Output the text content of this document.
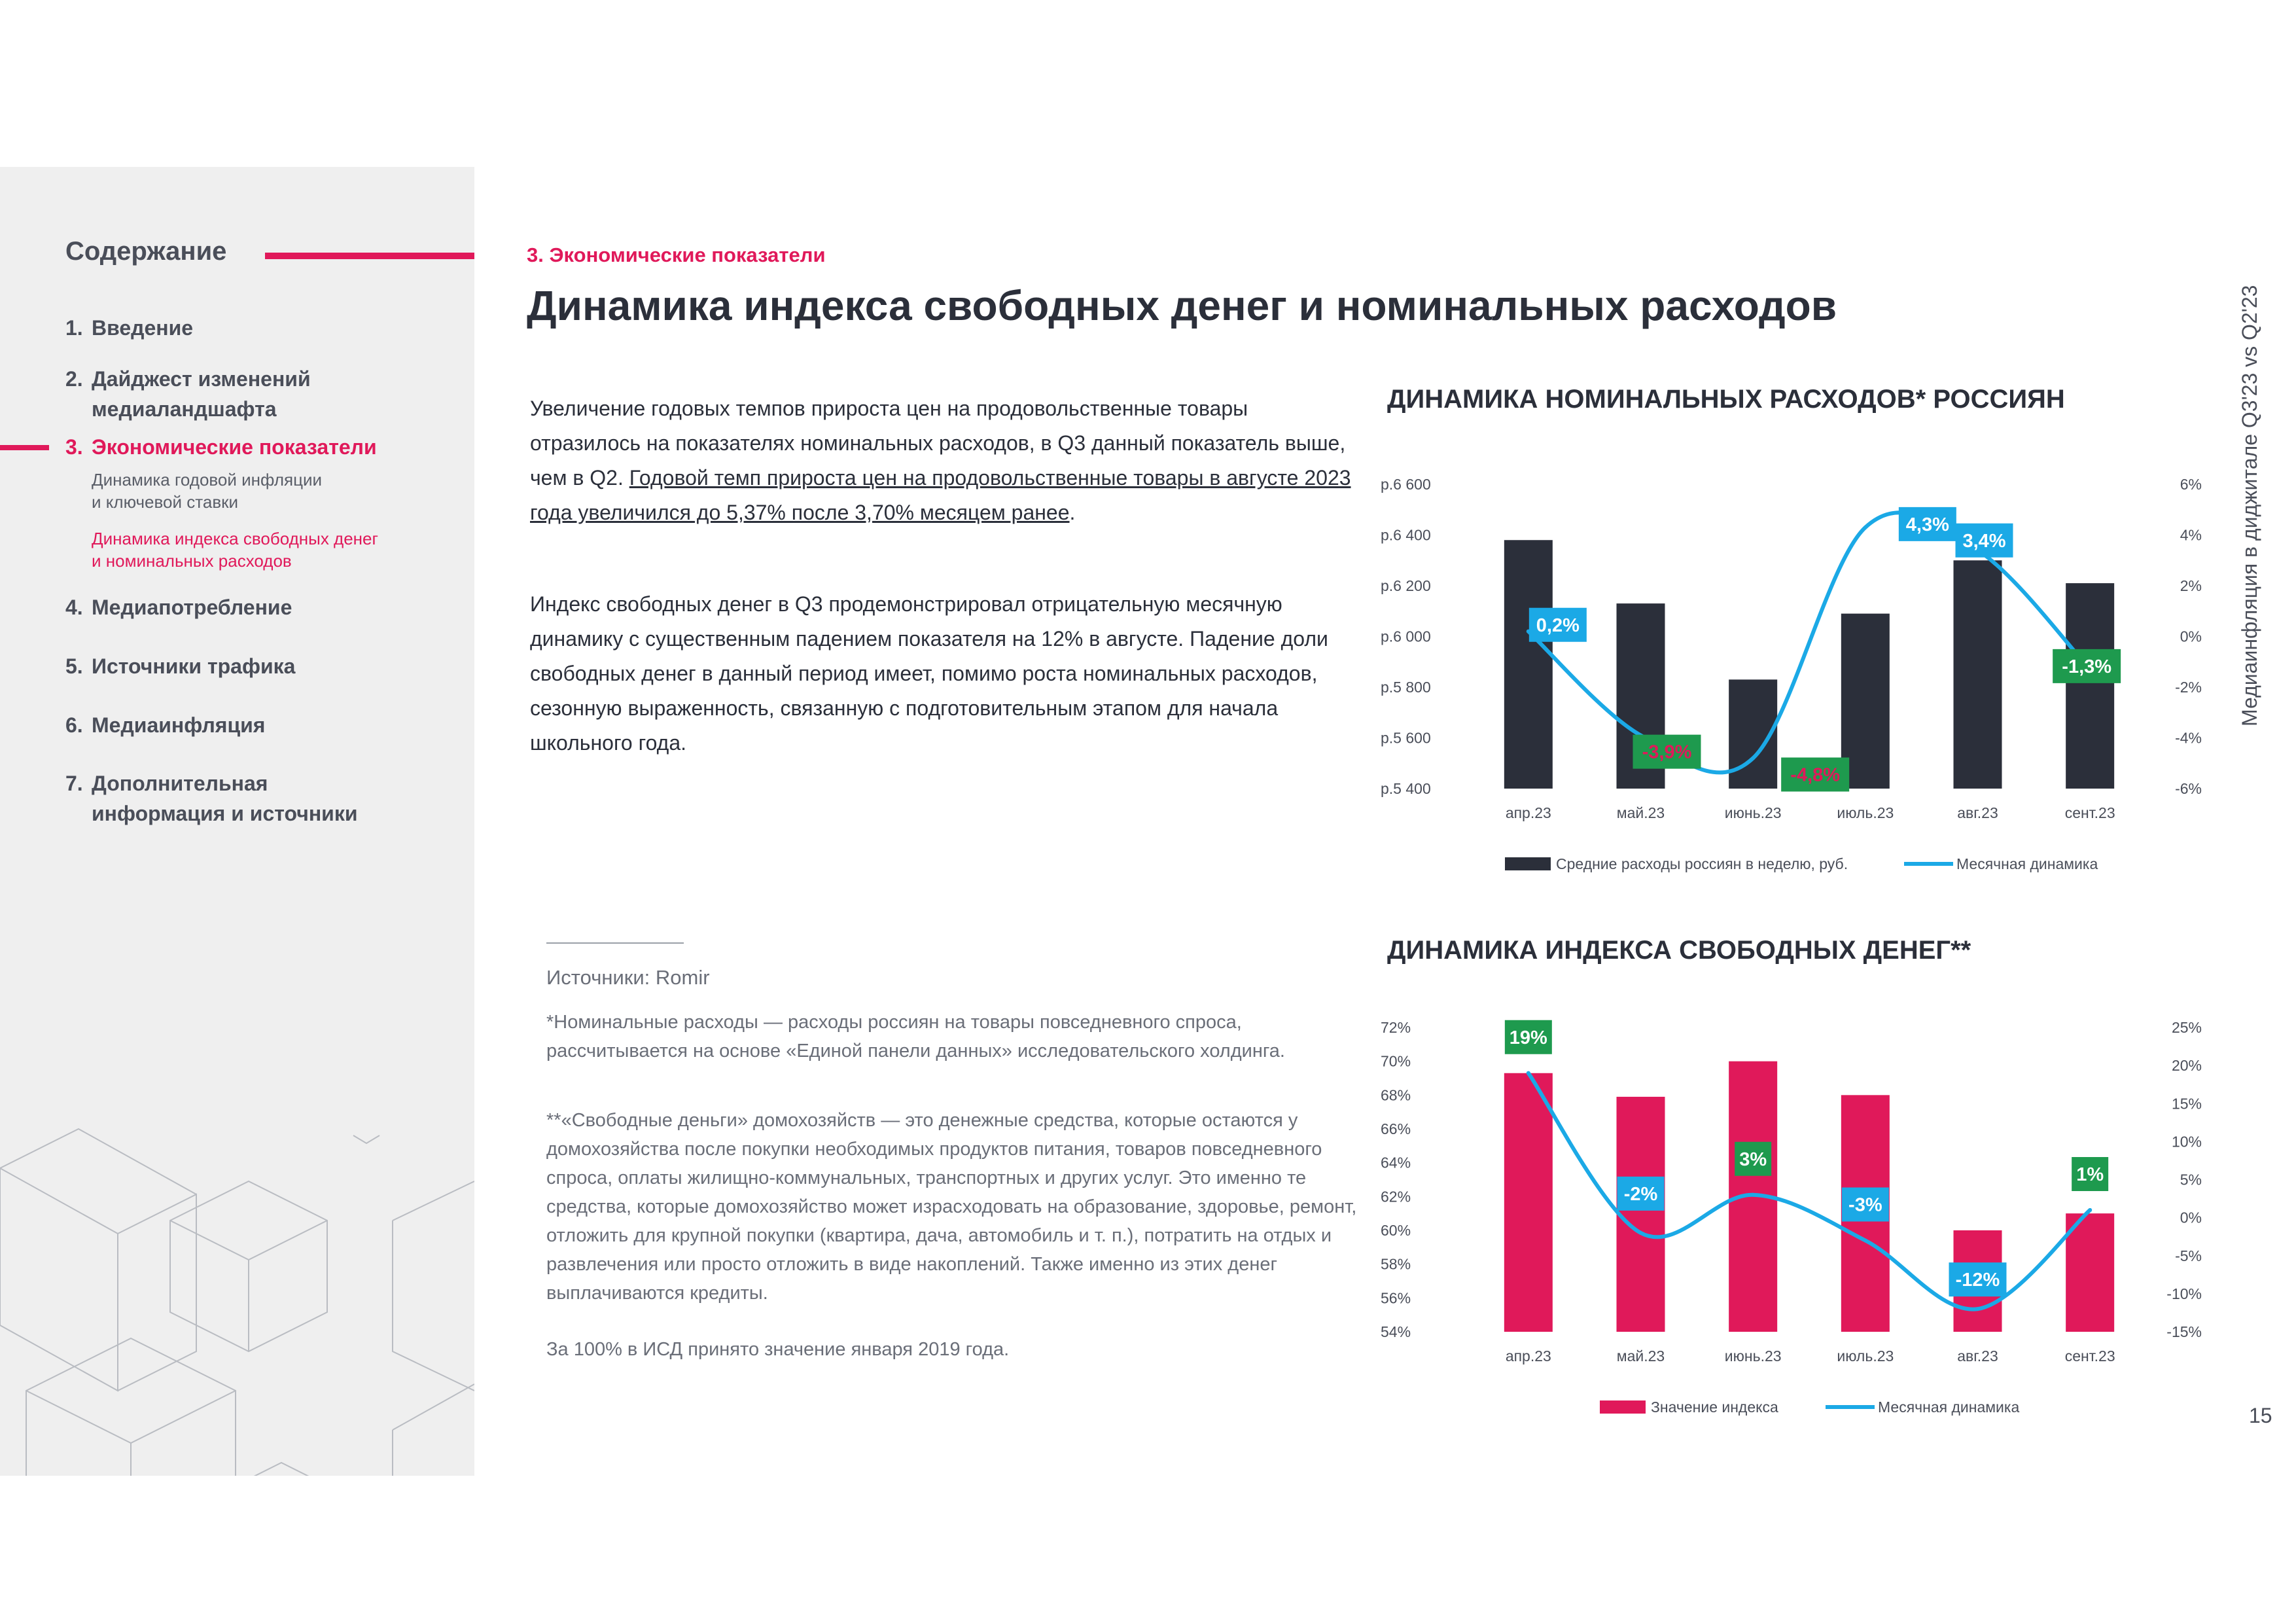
Содержание
1. Введение
2. Дайджест изменений
медиаландшафта
3. Экономические показатели
Динамика годовой инфляции
и ключевой ставки
Динамика индекса свободных денег
и номинальных расходов
4. Медиапотребление
5. Источники трафика
6. Медиаинфляция
7. Дополнительная
информация и источники
3. Экономические показатели
Динамика индекса свободных денег и номинальных расходов
Увеличение годовых темпов прироста цен на продовольственные товары отразилось на показателях номинальных расходов, в Q3 данный показатель выше, чем в Q2. Годовой темп прироста цен на продовольственные товары в августе 2023 года увеличился до 5,37% после 3,70% месяцем ранее.
Индекс свободных денег в Q3 продемонстрировал отрицательную месячную динамику с существенным падением показателя на 12% в августе. Падение доли свободных денег в данный период имеет, помимо роста номинальных расходов, сезонную выраженность, связанную с подготовительным этапом для начала школьного года.
Источники: Romir
*Номинальные расходы — расходы россиян на товары повседневного спроса, рассчитывается на основе «Единой панели данных» исследовательского холдинга.
**«Свободные деньги» домохозяйств — это денежные средства, которые остаются у домохозяйства после покупки необходимых продуктов питания, товаров повседневного спроса, оплаты жилищно-коммунальных, транспортных и других услуг. Это именно те средства, которые домохозяйство может израсходовать на образование, здоровье, ремонт, отложить для крупной покупки (квартира, дача, автомобиль и т. п.), потратить на отдых и развлечения или просто отложить в виде накоплений. Также именно из этих денег выплачиваются кредиты.
За 100% в ИСД принято значение января 2019 года.
ДИНАМИКА НОМИНАЛЬНЫХ РАСХОДОВ* РОССИЯН
р.5 400
р.5 600
р.5 800
р.6 000
р.6 200
р.6 400
р.6 600
-6%
-4%
-2%
0%
2%
4%
6%
апр.23	май.23	июнь.23	июль.23	авг.23	сент.23
0,2%
-3,9%
-4,8%
4,3%
3,4%
-1,3%
Средние расходы россиян в неделю, руб.	Месячная динамика
ДИНАМИКА ИНДЕКСА СВОБОДНЫХ ДЕНЕГ**
54%
56%
58%
60%
62%
64%
66%
68%
70%
72%
-15%
-10%
-5%
0%
5%
10%
15%
20%
25%
апр.23	май.23	июнь.23	июль.23	авг.23	сент.23
19%
-2%
3%
-3%
-12%
1%
Значение индекса	Месячная динамика
Медиаинфляция в диджитале Q3'23 vs Q2'23
15
